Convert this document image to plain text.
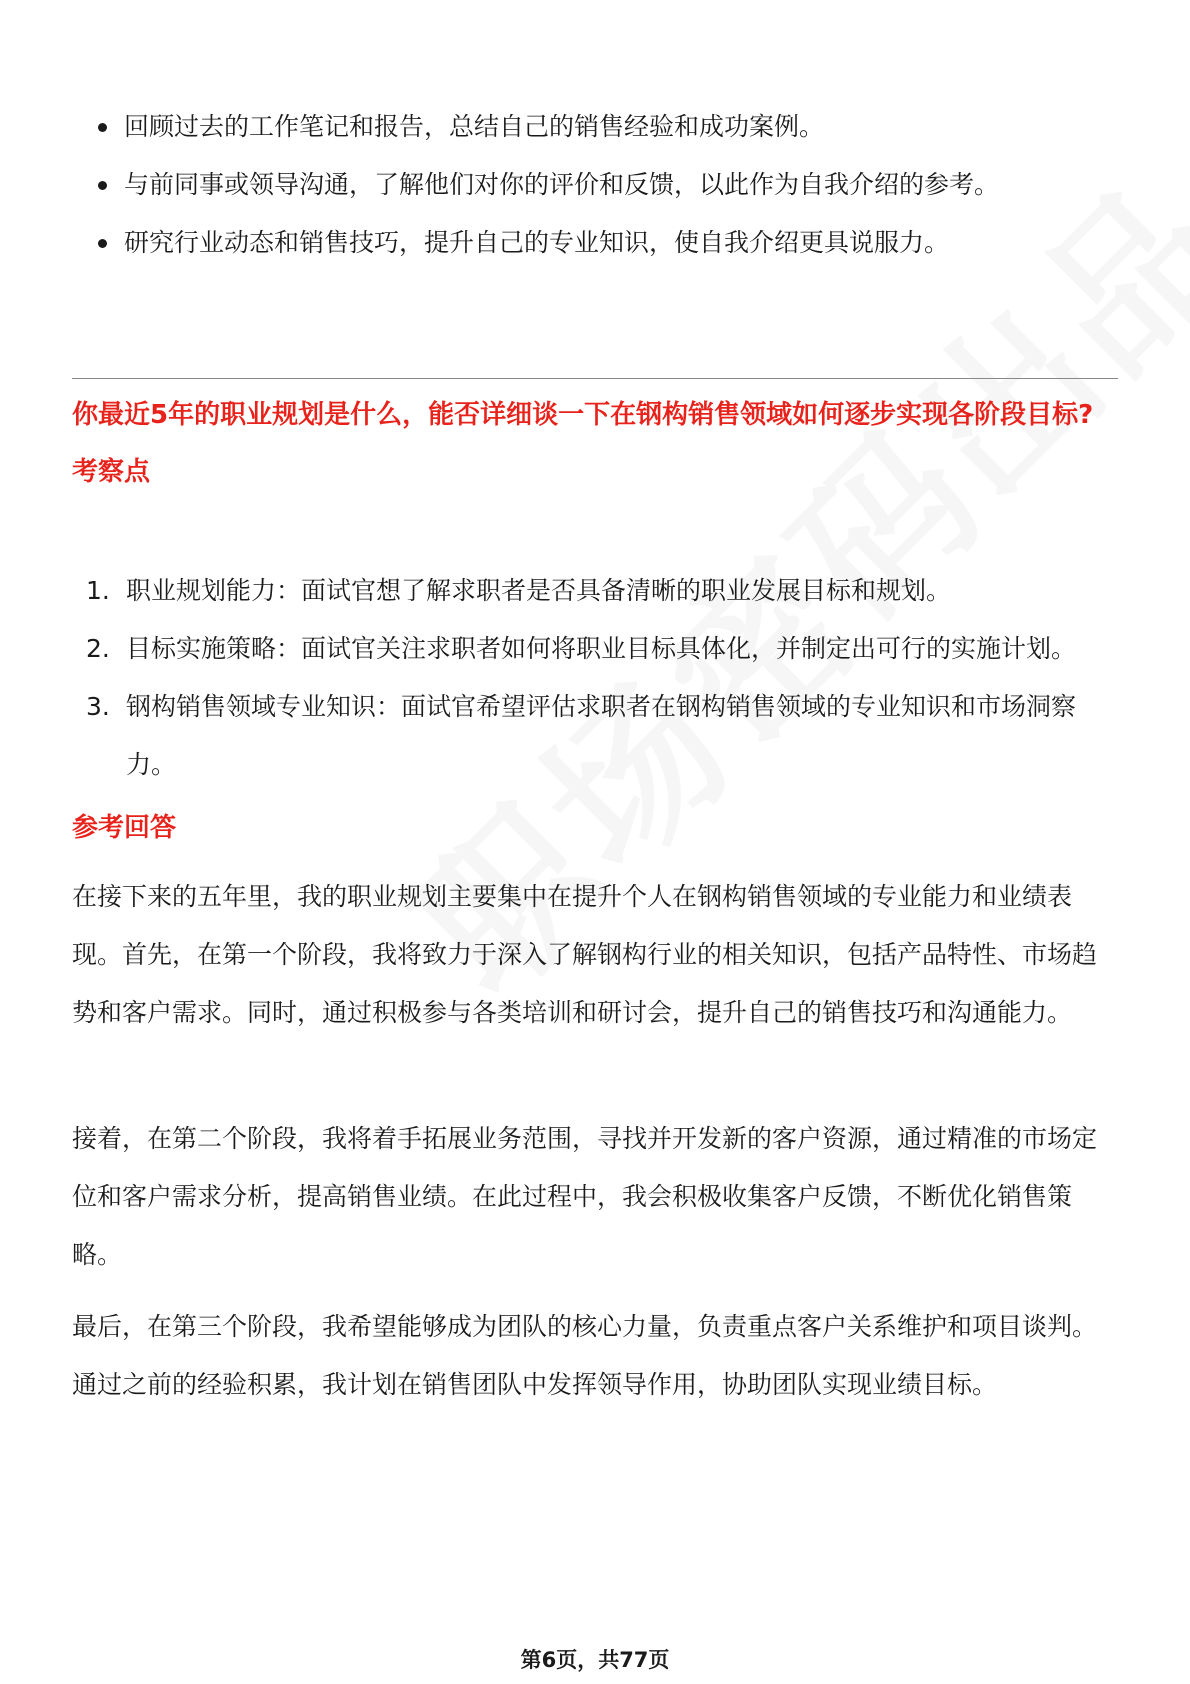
回顾过去的工作笔记和报告，总结自己的销售经验和成功案例。
与前同事或领导沟通，了解他们对你的评价和反馈，以此作为自我介绍的参考。
研究行业动态和销售技巧，提升自己的专业知识，使自我介绍更具说服力。
你最近5年的职业规划是什么，能否详细谈一下在钢构销售领域如何逐步实现各阶段目标?
考察点
1. 职业规划能力：面试官想了解求职者是否具备清晰的职业发展目标和规划。
2. 目标实施策略：面试官关注求职者如何将职业目标具体化，并制定出可行的实施计划。
3. 钢构销售领域专业知识：面试官希望评估求职者在钢构销售领域的专业知识和市场洞察力。
参考回答

在接下来的五年里，我的职业规划主要集中在提升个人在钢构销售领域的专业能力和业绩表现。首先，在第一个阶段，我将致力于深入了解钢构行业的相关知识，包括产品特性、市场趋势和客户需求。同时，通过积极参与各类培训和研讨会，提升自己的销售技巧和沟通能力。

接着，在第二个阶段，我将着手拓展业务范围，寻找并开发新的客户资源，通过精准的市场定位和客户需求分析，提高销售业绩。在此过程中，我会积极收集客户反馈，不断优化销售策略。

最后，在第三个阶段，我希望能够成为团队的核心力量，负责重点客户关系维护和项目谈判。通过之前的经验积累，我计划在销售团队中发挥领导作用，协助团队实现业绩目标。

第6页，共77页
